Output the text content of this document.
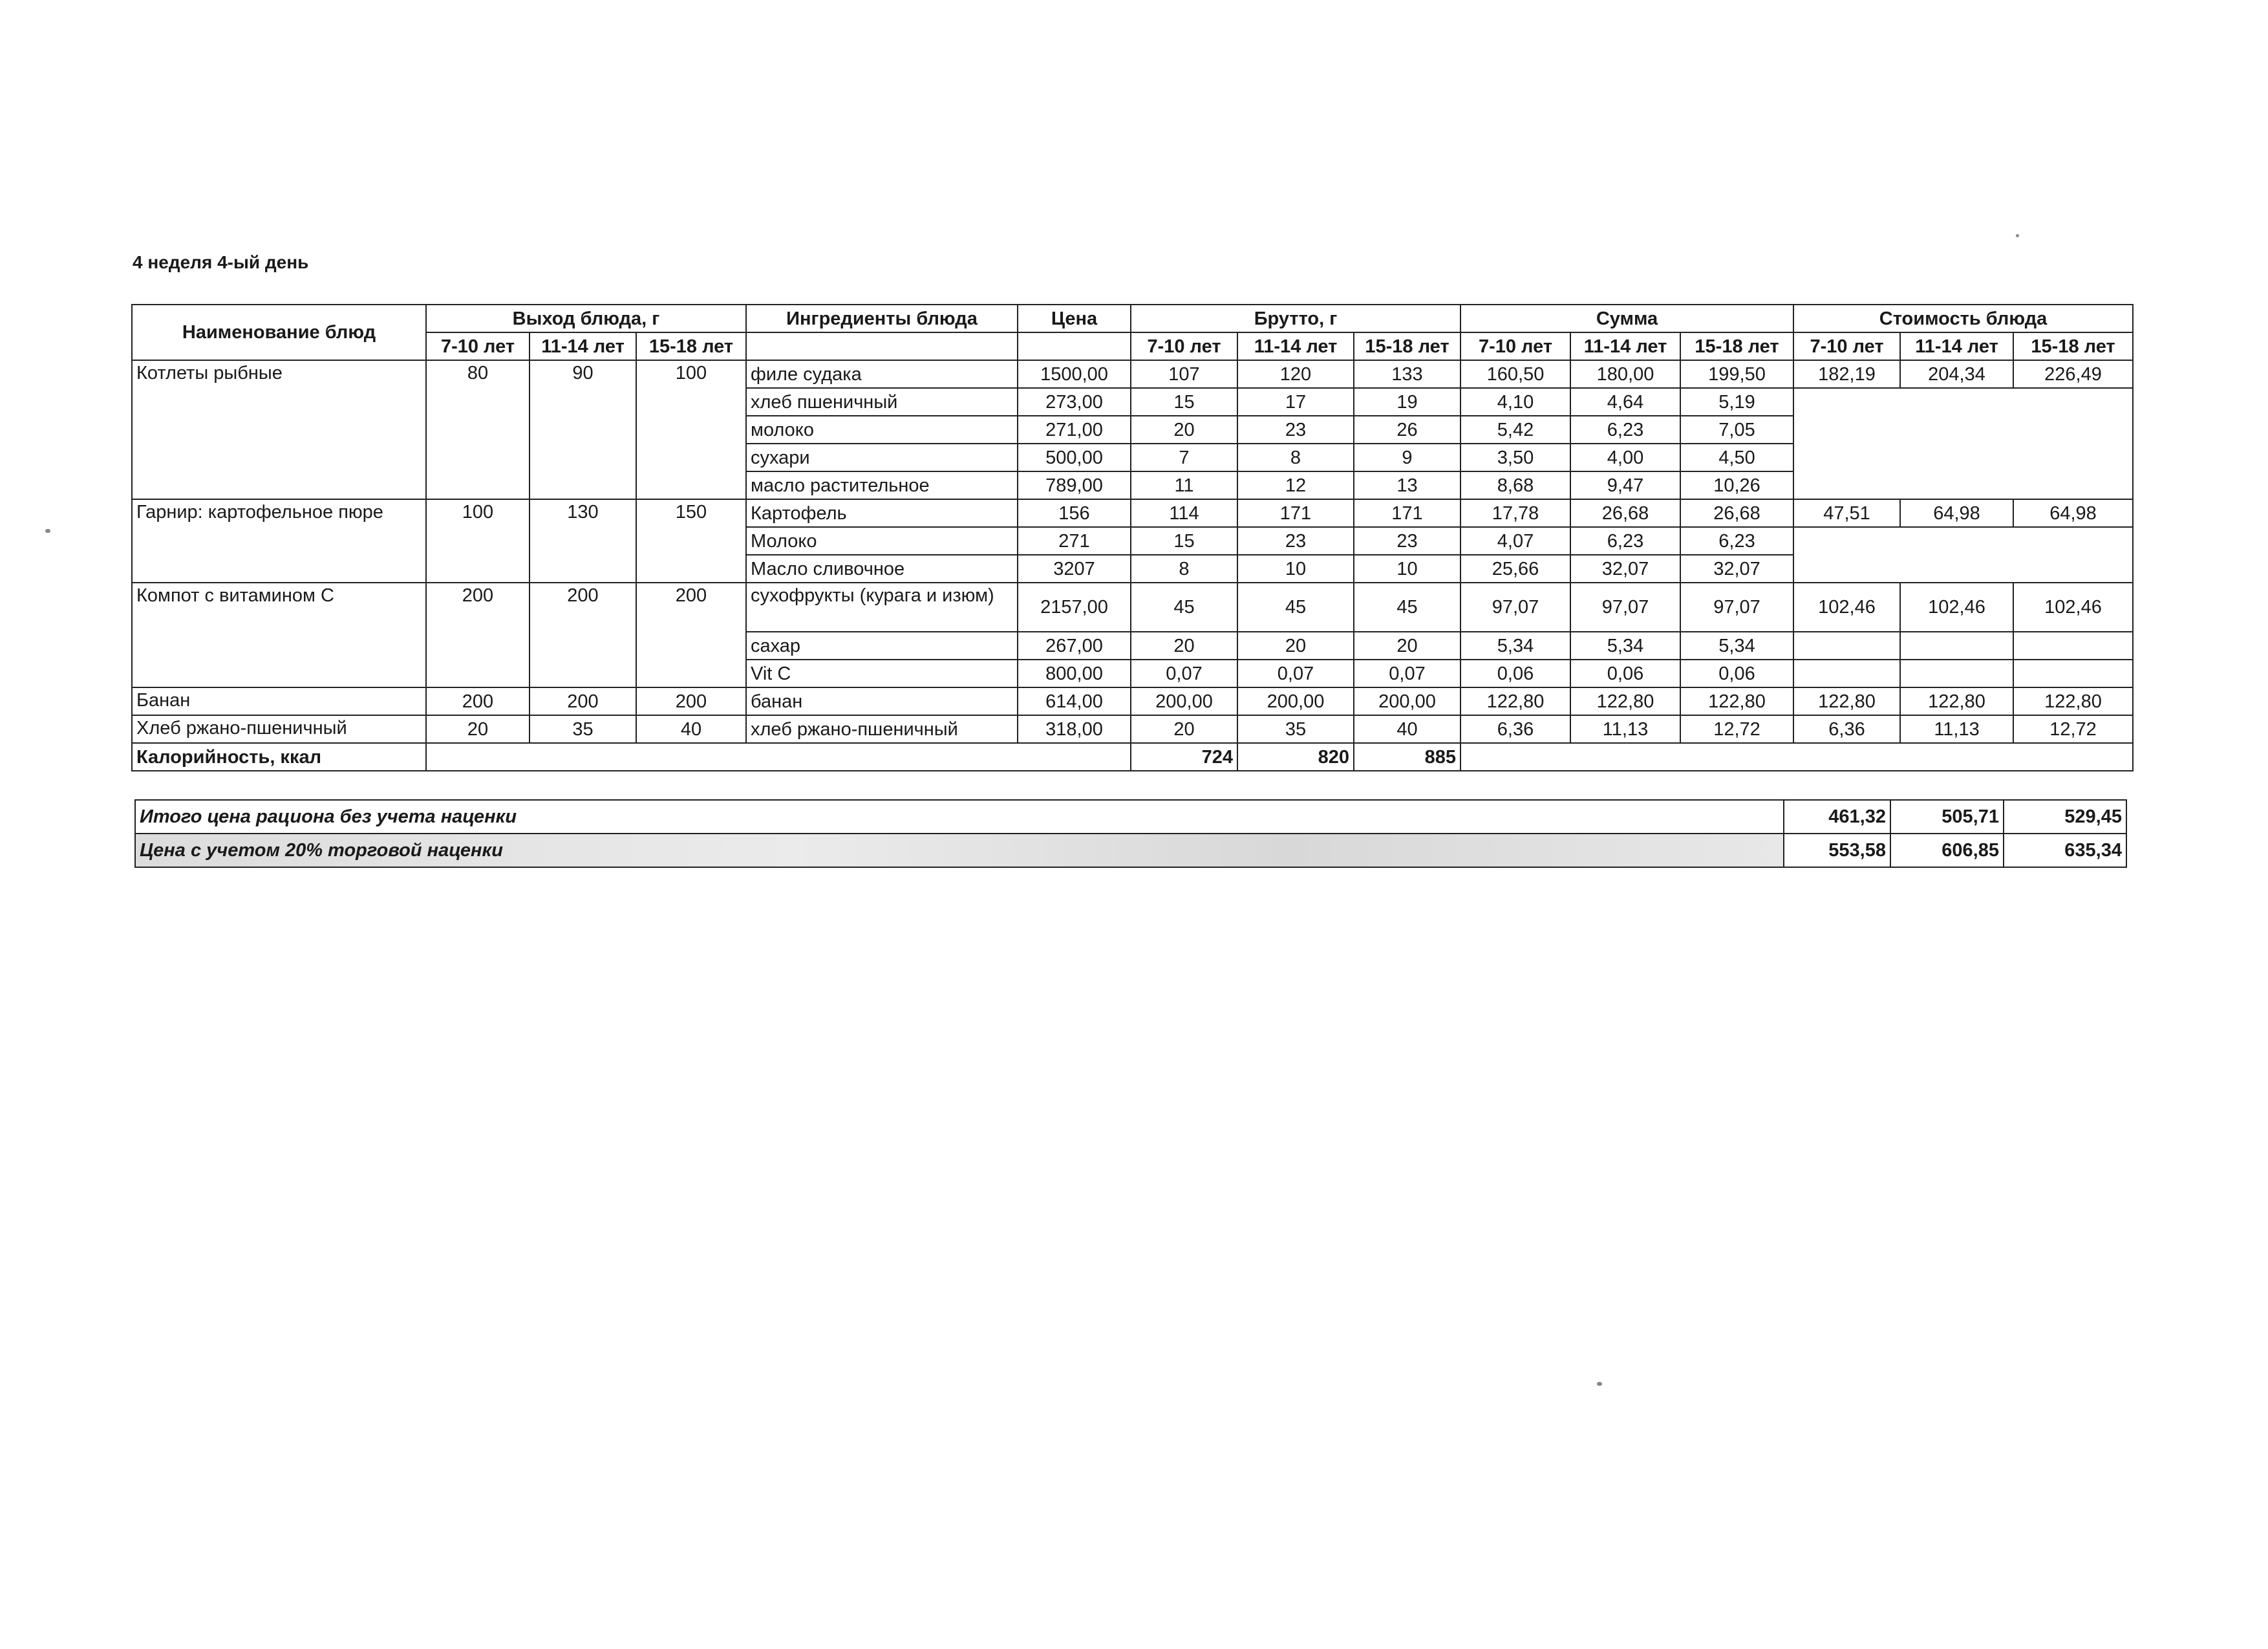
4 неделя 4-ый день
Наименование блюд	Выход блюда, г			Ингредиенты блюда	Цена	Брутто, г			Сумма			Стоимость блюда		
	7-10 лет	11-14 лет	15-18 лет			7-10 лет	11-14 лет	15-18 лет	7-10 лет	11-14 лет	15-18 лет	7-10 лет	11-14 лет	15-18 лет
Котлеты рыбные	80	90	100	филе судака	1500,00	107	120	133	160,50	180,00	199,50	182,19	204,34	226,49
				хлеб пшеничный	273,00	15	17	19	4,10	4,64	5,19			
				молоко	271,00	20	23	26	5,42	6,23	7,05			
				сухари	500,00	7	8	9	3,50	4,00	4,50			
				масло растительное	789,00	11	12	13	8,68	9,47	10,26			
Гарнир: картофельное пюре	100	130	150	Картофель	156	114	171	171	17,78	26,68	26,68	47,51	64,98	64,98
				Молоко	271	15	23	23	4,07	6,23	6,23			
				Масло сливочное	3207	8	10	10	25,66	32,07	32,07			
Компот с витамином С	200	200	200	сухофрукты (курага и изюм)	2157,00	45	45	45	97,07	97,07	97,07	102,46	102,46	102,46
				сахар	267,00	20	20	20	5,34	5,34	5,34			
				Vit C	800,00	0,07	0,07	0,07	0,06	0,06	0,06			
Банан	200	200	200	банан	614,00	200,00	200,00	200,00	122,80	122,80	122,80	122,80	122,80	122,80
Хлеб ржано-пшеничный	20	35	40	хлеб ржано-пшеничный	318,00	20	35	40	6,36	11,13	12,72	6,36	11,13	12,72
Калорийность, ккал						724	820	885						
Итого цена рациона без учета наценки	461,32	505,71	529,45
Цена с учетом 20% торговой наценки	553,58	606,85	635,34
